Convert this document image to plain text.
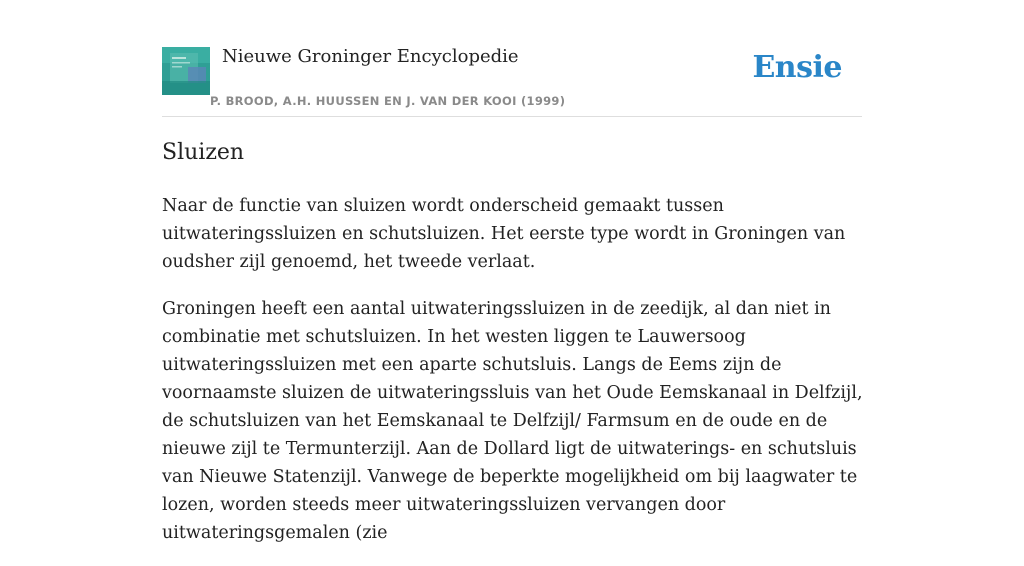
Nieuwe Groninger Encyclopedie
P. BROOD, A.H. HUUSSEN EN J. VAN DER KOOI (1999)
Ensie
Sluizen

Naar de functie van sluizen wordt onderscheid gemaakt tussen uitwateringssluizen en schutsluizen. Het eerste type wordt in Groningen van oudsher zijl genoemd, het tweede verlaat.

Groningen heeft een aantal uitwateringssluizen in de zeedijk, al dan niet in combinatie met schutsluizen. In het westen liggen te Lauwersoog uitwateringssluizen met een aparte schutsluis. Langs de Eems zijn de voornaamste sluizen de uitwateringssluis van het Oude Eemskanaal in Delfzijl, de schutsluizen van het Eemskanaal te Delfzijl/ Farmsum en de oude en de nieuwe zijl te Termunterzijl. Aan de Dollard ligt de uitwaterings- en schutsluis van Nieuwe Statenzijl. Vanwege de beperkte mogelijkheid om bij laagwater te lozen, worden steeds meer uitwateringssluizen vervangen door uitwateringsgemalen (zie
